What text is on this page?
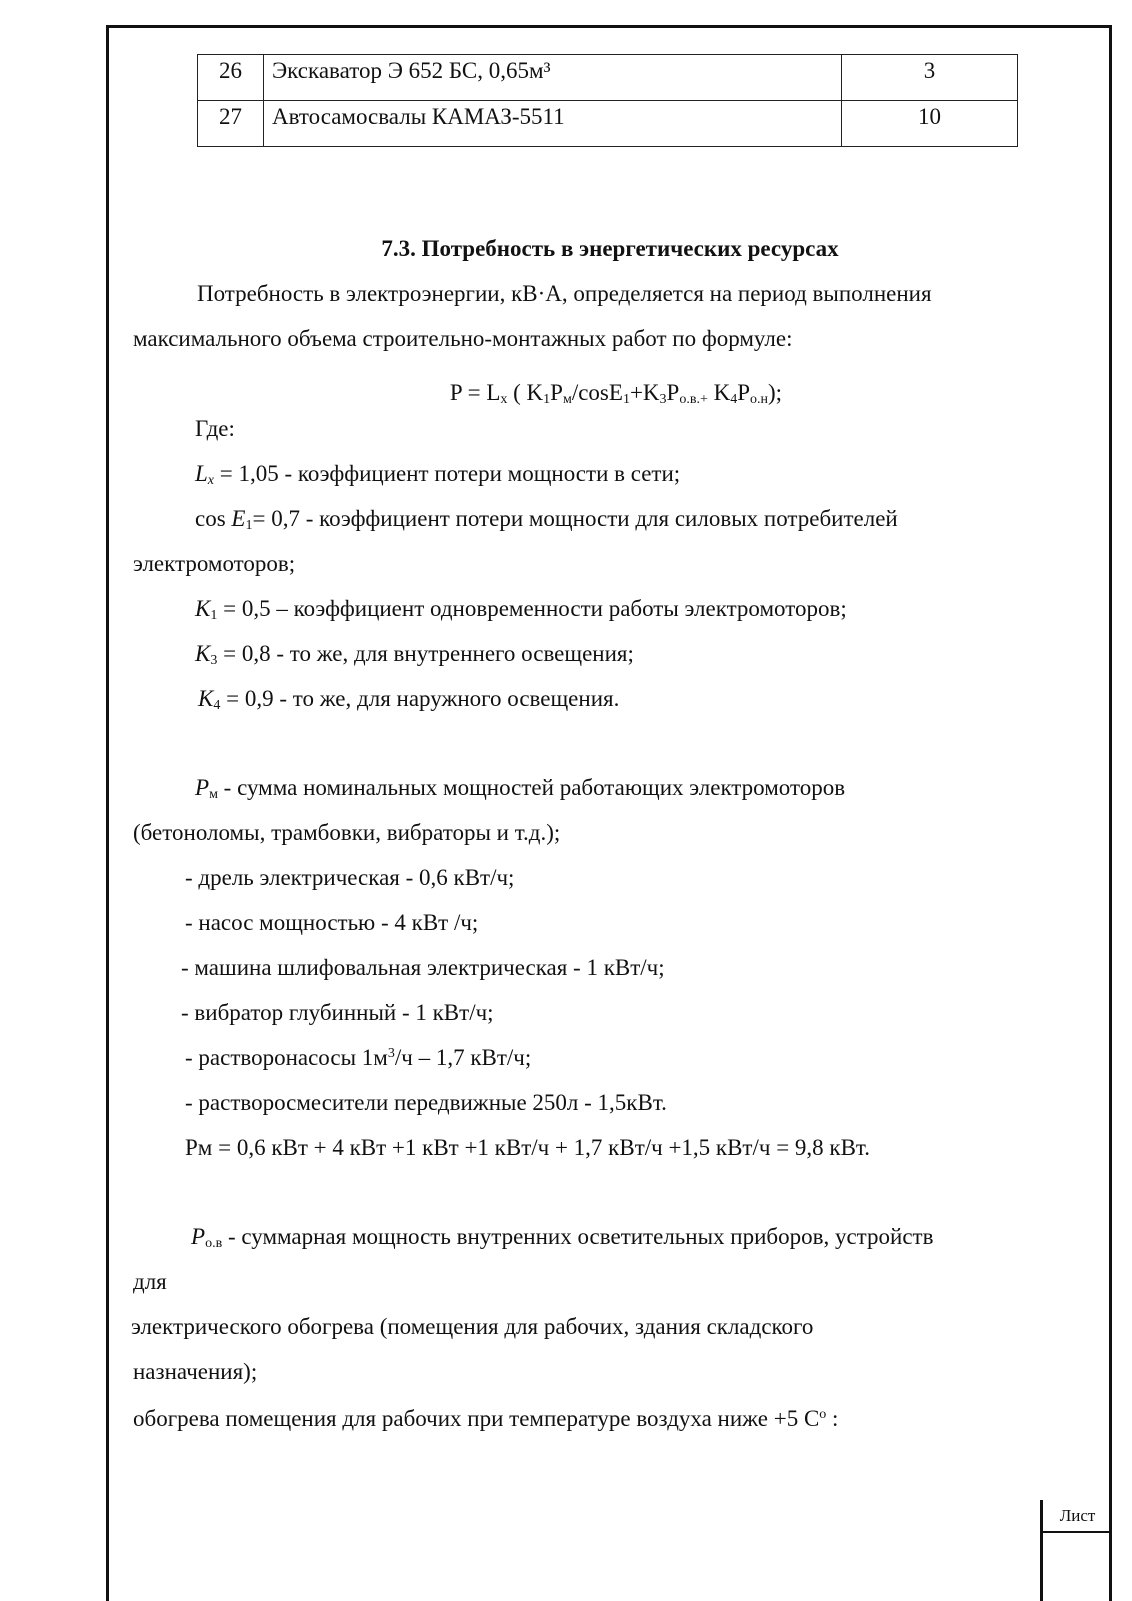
Лист
26	Экскаватор Э 652 БС, 0,65м³	3
27	Автосамосвалы КАМАЗ-5511	10
7.3. Потребность в энергетических ресурсах
Потребность в электроэнергии, кВ·А, определяется на период выполнения
максимального объема строительно-монтажных работ по формуле:
$P = L_x$ ( $K_1P_м/\cos E_1+K_3P_{о.в.+}$ $K_4P_{о.н}$);
Где:
$L_x = 1,05$ - коэффициент потери мощности в сети;
$\cos E_1= 0,7$ - коэффициент потери мощности для силовых потребителей
электромоторов;
$K_1 = 0,5$ – коэффициент одновременности работы электромоторов;
$K_3 = 0,8$ - то же, для внутреннего освещения;
$K_4 = 0,9$ - то же, для наружного освещения.
$P_м$ - сумма номинальных мощностей работающих электромоторов
(бетоноломы, трамбовки, вибраторы и т.д.);
- дрель электрическая - 0,6 кВт/ч;
- насос мощностью - 4 кВт /ч;
- машина шлифовальная электрическая - 1 кВт/ч;
- вибратор глубинный - 1 кВт/ч;
- растворонасосы $1м^3/ч - 1,7$ кВт/ч;
- растворосмесители передвижные 250л - 1,5кВт.
Рм = 0,6 кВт + 4 кВт +1 кВт +1 кВт/ч + 1,7 кВт/ч +1,5 кВт/ч = 9,8 кВт.
$P_{о.в}$ - суммарная мощность внутренних осветительных приборов, устройств
для
электрического обогрева (помещения для рабочих, здания складского
назначения);
обогрева помещения для рабочих при температуре воздуха ниже +5 $С^о$ :
